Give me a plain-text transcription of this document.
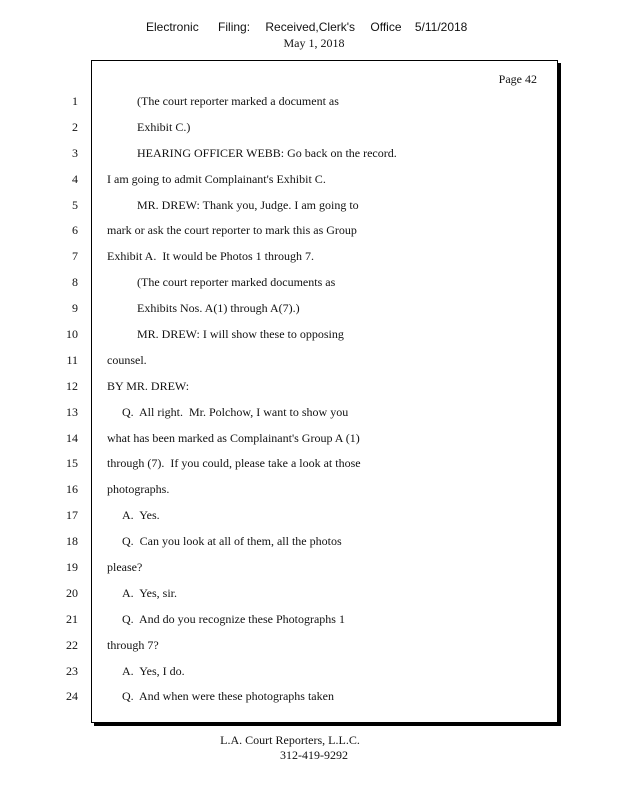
Electronic Filing: Received,Clerk's Office 5/11/2018
May 1, 2018
Page 42
1	(The court reporter marked a document as
2	Exhibit C.)
3	HEARING OFFICER WEBB: Go back on the record.
4 I am going to admit Complainant's Exhibit C.
5	MR. DREW: Thank you, Judge. I am going to
6 mark or ask the court reporter to mark this as Group
7 Exhibit A.  It would be Photos 1 through 7.
8	(The court reporter marked documents as
9	Exhibits Nos. A(1) through A(7).)
10	MR. DREW: I will show these to opposing
11 counsel.
12 BY MR. DREW:
13	Q.  All right.  Mr. Polchow, I want to show you
14 what has been marked as Complainant's Group A (1)
15 through (7).  If you could, please take a look at those
16 photographs.
17	A.  Yes.
18	Q.  Can you look at all of them, all the photos
19 please?
20	A.  Yes, sir.
21	Q.  And do you recognize these Photographs 1
22 through 7?
23	A.  Yes, I do.
24	Q.  And when were these photographs taken
L.A. Court Reporters, L.L.C.
312-419-9292
